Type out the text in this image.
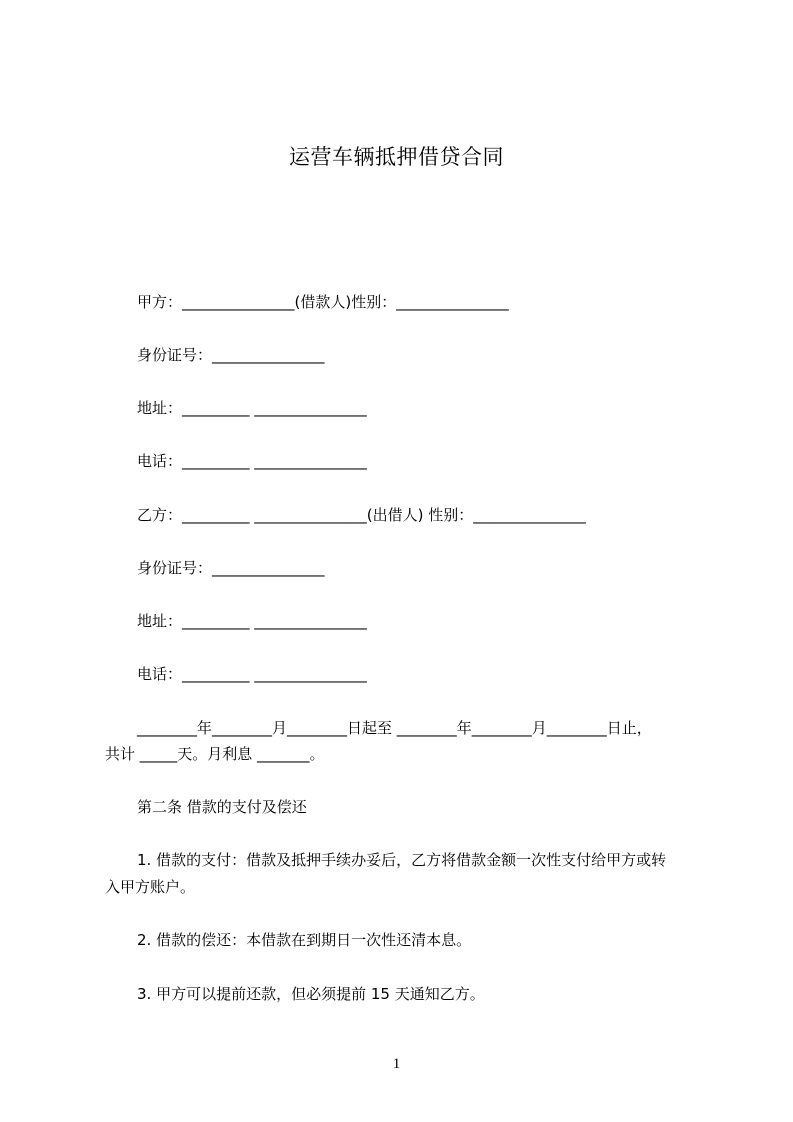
运营车辆抵押借贷合同
甲方：_______________(借款人)性别：_______________
身份证号：_______________
地址：_________ _______________
电话：_________ _______________
乙方：_________ _______________(出借人) 性别：_______________
身份证号：_______________
地址：_________ _______________
电话：_________ _______________
________年________月________日起至 ________年________月________日止，
共计 _____天。月利息 _______。
第二条 借款的支付及偿还
1. 借款的支付：借款及抵押手续办妥后，乙方将借款金额一次性支付给甲方或转
入甲方账户。
2. 借款的偿还：本借款在到期日一次性还清本息。
3. 甲方可以提前还款，但必须提前 15 天通知乙方。
1
